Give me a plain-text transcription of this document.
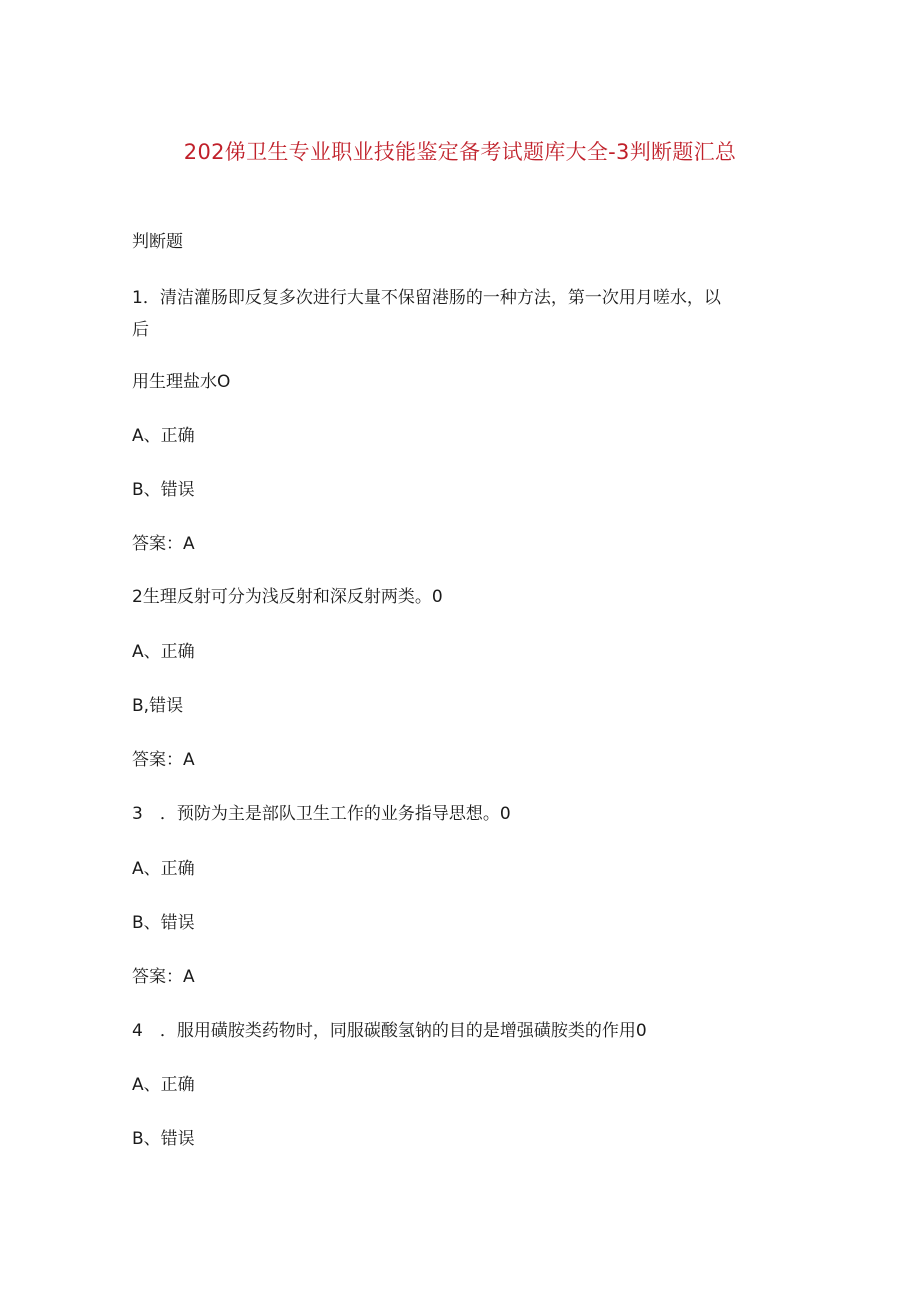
202俤卫生专业职业技能鉴定备考试题库大全-3判断题汇总
判断题
1．清洁灌肠即反复多次进行大量不保留港肠的一种方法，第一次用月嗟水，以
后
用生理盐水O
A、正确
B、错误
答案：A
2生理反射可分为浅反射和深反射两类。0
A、正确
B,错误
答案：A
3　．预防为主是部队卫生工作的业务指导思想。0
A、正确
B、错误
答案：A
4　．服用磺胺类药物时，同服碳酸氢钠的目的是增强磺胺类的作用0
A、正确
B、错误
